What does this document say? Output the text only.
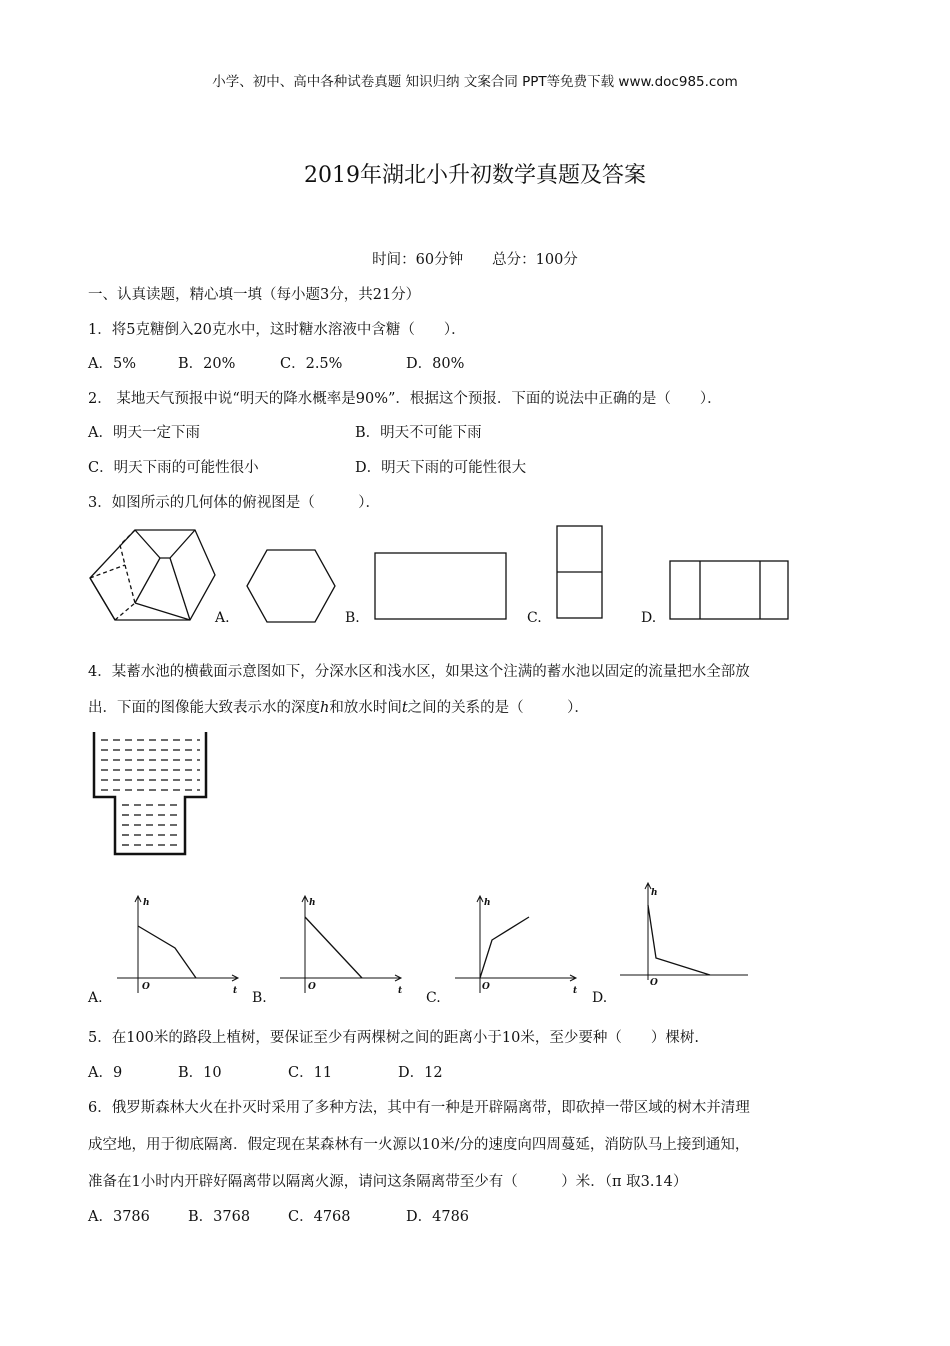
小学、初中、高中各种试卷真题 知识归纳 文案合同 PPT等免费下载 www.doc985.com
2019年湖北小升初数学真题及答案
时间：60分钟　　总分：100分
一、认真读题，精心填一填（每小题3分，共21分）
1．将5克糖倒入20克水中，这时糖水溶液中含糖（　　）．
A．5%	B．20%	C．2.5%	D．80%
2． 某地天气预报中说“明天的降水概率是90%”．根据这个预报．下面的说法中正确的是（　　）．
A．明天一定下雨	B．明天不可能下雨
C．明天下雨的可能性很小	D．明天下雨的可能性很大
3．如图所示的几何体的俯视图是（　　　）．
A.	B.	C.	D.
4．某蓄水池的横截面示意图如下，分深水区和浅水区，如果这个注满的蓄水池以固定的流量把水全部放
出．下面的图像能大致表示水的深度h和放水时间t之间的关系的是（　　　）．
A.
h
O	t B.
h
O	t C.
h
O	t D.
h
O
5．在100米的路段上植树，要保证至少有两棵树之间的距离小于10米，至少要种（　　）棵树.
A．9	B．10	C．11	D．12
6．俄罗斯森林大火在扑灭时采用了多种方法，其中有一种是开辟隔离带，即砍掉一带区域的树木并清理
成空地，用于彻底隔离．假定现在某森林有一火源以10米/分的速度向四周蔓延，消防队马上接到通知，
准备在1小时内开辟好隔离带以隔离火源，请问这条隔离带至少有（　　　）米．（π 取3.14）
A．3786	B．3768	C．4768	D．4786
